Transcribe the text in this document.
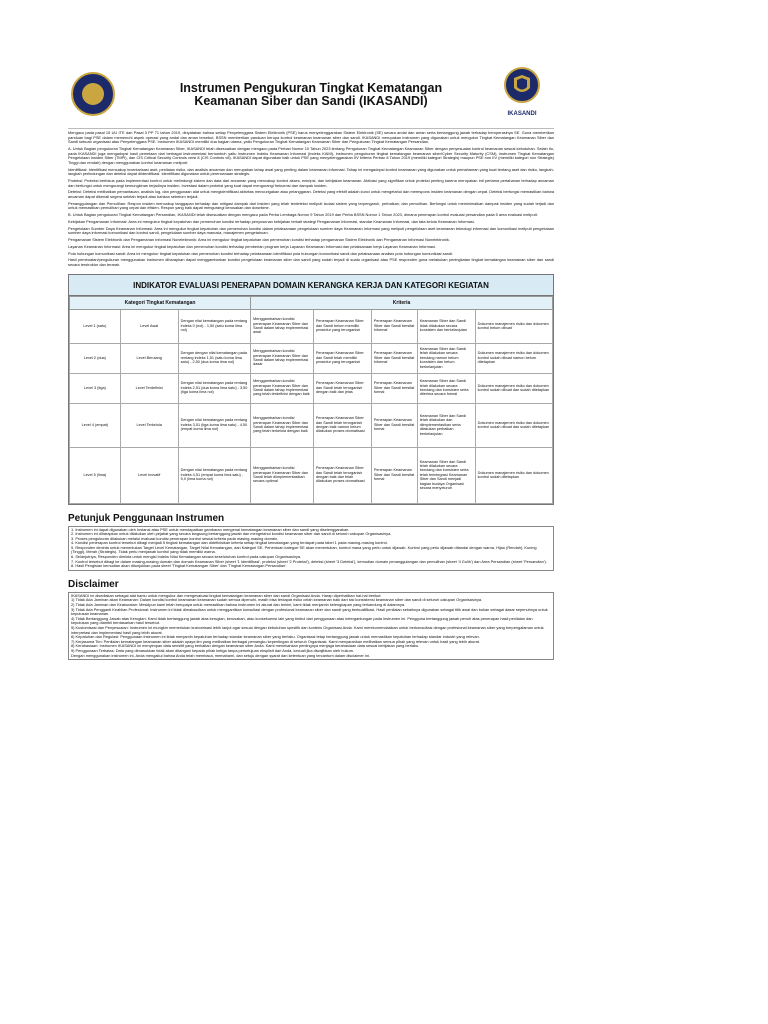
Instrumen Pengukuran Tingkat Kematangan
Keamanan Siber dan Sandi (IKASANDI)
IKASANDI

Mengacu pada pasal 15 UU ITE dan Pasal 3 PP 71 tahun 2019, dinyatakan bahwa setiap Penyelenggara Sistem Elektronik (PSE) harus menyelenggarakan Sistem Elektronik (SE) secara andal dan aman serta bertanggung jawab terhadap beroperasinya SE. Guna memberikan panduan bagi PSE dalam memenuhi aspek operasi yang andal dan aman tersebut, BSSN memberikan panduan berupa kontrol keamanan keamanan siber dan sandi. IKASANDI merupakan instrumen yang digunakan untuk mengukur Tingkat Kematangan Keamanan Siber dan Sandi sebuah organisasi atau Penyelenggara PSE. Instrumen IKASANDI memiliki dua bagian utama, yaitu Pengukuran Tingkat Kematangan Keamanan Siber dan Pengukuran Tingkat Kematangan Persandian.

A. Untuk Bagian pengukuran Tingkat Kematangan Keamanan Siber, IKASANDI telah disesuaikan dengan mengacu pada Perban Nomor 10 Tahun 2023 tentang Pengukuran Tingkat Kematangan Keamanan Siber dengan penyesuaian kontrol keamanan sesuai kebutuhan. Selain itu, pada IKASANDI juga mengadopsi hasil pemetaan dari berbagai instrumentasi bertumbuh yaitu instrumen Indeks Keamanan Informasi (Indeks KAMI), instrumen pengukuran tingkat kematangan keamanan siber/Cyber Security Maturity (CSM), instrumen Tingkat Kematangan Pengelolaan Insiden Siber (TMPI), dan CIS Critical Security Controls versi 8 (CIS Controls v8). IKASANDI dapat digunakan baik untuk PSE yang menyelenggarakan IIV kriteria Perban 8 Tahun 2019 (memiliki kategori Strategis) maupun PSE non IIV (memiliki kategori non Strategis) Tinggi dan rendah) dengan menggunakan kontrol keamanan meliputi:

Identifikasi: Identifikasi mencakup inventarisasi aset, penilaian risiko, dan analisis ancaman dan merupakan tahap awal yang penting dalam keamanan informasi. Tahap ini mengadopsi kontrol keamanan yang digunakan untuk pemahaman yang kuat tentang aset dan risiko, langkah-langkah perlindungan dan deteksi dapat diidentifikasi. Identifikasi digunakan untuk perencanaan strategis.

Proteksi: Proteksi berfokus pada implementasi kontrol untuk melindungi sistem dan data dari ancaman yang mencakup kontrol akses, enkripsi, dan kebijakan keamanan. Aktivasi yang signifikan untuk proteksi penting karena merupakan inti pertama pertahanan terhadap ancaman dan berfungsi untuk mengurangi kemungkinan terjadinya insiden. Investasi dalam proteksi yang kuat dapat mengurangi frekuensi dan dampak insiden.

Deteksi: Deteksi melibatkan pemantauan, analisis log, dan penggunaan alat untuk mengidentifikasi aktivitas mencurigakan atau pelanggaran. Deteksi yang efektif adalah kunci untuk mengetahui dan merespons insiden keamanan dengan cepat. Deteksi berfungsi memastikan bahwa ancaman dapat dikenali segera setelah terjadi atau bahkan sebelum terjadi.

Penanggulangan dan Pemulihan: Respon insiden mencakup tanggapan terhadap dan mitigasi dampak dari insiden yang telah terdeteksi meliputi isolasi sistem yang terpengaruh, perbaikan, dan pemulihan. Berfungsi untuk meminimalkan dampak insiden yang sudah terjadi dan untuk memastikan pemulihan yang cepat dan efisien. Respon yang baik dapat mengurangi kerusakan dan downtime.

B. Untuk Bagian pengukuran Tingkat Kematangan Persandian, IKASANDI telah disesuaikan dengan mengacu pada Perba Lembaga Nomor 9 Tahun 2019 dan Perba BSSN Nomor 1 Tahun 2023, dimana penerapan kontrol evaluasi persandian pada 5 area evaluasi meliputi:

Kebijakan Pengamanan Informasi: Area ini mengukur tingkat kepatuhan dan pemenuhan kondisi terhadap penyusunan kebijakan terkait strategi Pengamanan Informasi, standar Keamanan Informasi, dan tata kelola Keamanan Informasi.

Pengelolaan Sumber Daya Keamanan Informasi: Area ini mengukur tingkat kepatuhan dan pemenuhan kondisi dalam pelaksanaan pengelolaan sumber daya Keamanan Informasi yang meliputi pengelolaan aset keamanan teknologi informasi dan komunikasi meliputi pengelolaan sumber daya informasi komunikasi dan kontrol sandi, pengelolaan sumber daya manusia, manajemen pengetahuan.

Pengamanan Sistem Elektronik dan Pengamanan Informasi Nonelektronik: Area ini mengukur tingkat kepatuhan dan pemenuhan kondisi terhadap pengamanan Sistem Elektronik dan Pengamanan Informasi Nonelektronik.

Layanan Keamanan Informasi: Area ini mengukur tingkat kepatuhan dan pemenuhan kondisi terhadap pemberian program kerja Layanan Keamanan Informasi dan pelaksanaan kerja Layanan Keamanan Informasi.

Pola hubungan komunikasi sandi: Area ini mengukur tingkat kepatuhan dan pemenuhan kondisi terhadap pelaksanaan identifikasi pola hubungan komunikasi sandi dan pelaksanaan analisis pola hubungan komunikasi sandi.

Hasil pembuatan/pengukuran menggunakan instrumen diharapkan dapat menggambarkan kondisi pengelolaan keamanan siber dan sandi yang sudah terjadi di suatu organisasi atau PSE responden guna melakukan peningkatan tingkat kematangan keamanan siber dan sandi secara terstruktur dan terarah.

INDIKATOR EVALUASI PENERAPAN DOMAIN KERANGKA KERJA DAN KATEGORI KEGIATAN
Kategori Tingkat Kematangan			Kriteria				
Level 1 (satu)	Level Awal	Dengan nilai kematangan pada rentang indeks 0 (nol) - 1,50 (satu koma lima nol)	Menggambarkan kondisi penerapan Keamanan Siber dan Sandi dalam tahap implementasi awal	Penerapan Keamanan Siber dan Sandi belum memiliki prosedur yang terorganisir	Penerapan Keamanan Siber dan Sandi bersifat informal	Keamanan Siber dan Sandi tidak dilakukan secara konsisten dan berkelanjutan	Dokumen manajemen risiko dan dokumen kontrol belum dibuat
Level 2 (dua)	Level Berulang	Dengan dengan nilai kematangan pada rentang indeks 1,51 (satu koma lima satu) - 2,50 (dua koma lima nol)	Menggambarkan kondisi penerapan Keamanan Siber dan Sandi dalam tahap implementasi dasar	Penerapan Keamanan Siber dan Sandi telah memiliki prosedur yang terorganisir	Penerapan Keamanan Siber dan Sandi bersifat informal	Keamanan Siber dan Sandi telah dilakukan secara berulang namun belum konsisten dan belum berkelanjutan	Dokumen manajemen risiko dan dokumen kontrol sudah dibuat namun belum ditetapkan
Level 3 (tiga)	Level Terdefinisi	Dengan nilai kematangan pada rentang indeks 2,51 (dua koma lima satu) - 3,50 (tiga koma lima nol)	Menggambarkan kondisi penerapan Keamanan Siber dan Sandi dalam tahap implementasi yang telah terdefinisi dengan baik	Penerapan Keamanan Siber dan Sandi telah terorganisir dengan baik dan jelas	Penerapan Keamanan Siber dan Sandi bersifat formal	Keamanan Siber dan Sandi telah dilakukan secara berulang dan konsisten serta diterima secara formal	Dokumen manajemen risiko dan dokumen kontrol sudah dibuat dan sudah ditetapkan
Level 4 (empat)	Level Terkelola	Dengan nilai kematangan pada rentang indeks 3,51 (tiga koma lima satu) - 4,50 (empat koma lima nol)	Menggambarkan kondisi penerapan Keamanan Siber dan Sandi dalam tahap implementasi yang telah terkelola dengan baik	Penerapan Keamanan Siber dan Sandi telah terorganisir dengan baik namun belum dilakukan proses otomatisasi	Penerapan Keamanan Siber dan Sandi bersifat formal	Keamanan Siber dan Sandi telah dilakukan dan diimplementasikan serta dilakukan perbaikan berkelanjutan	Dokumen manajemen risiko dan dokumen kontrol sudah dibuat dan sudah ditetapkan
Level 5 (lima)	Level Inovatif	Dengan nilai kematangan pada rentang indeks 4,51 (empat koma lima satu) - 5,0 (lima koma nol)	Menggambarkan kondisi penerapan Keamanan Siber dan Sandi telah diimplementasikan secara optimal	Penerapan Keamanan Siber dan Sandi telah terorganisir dengan baik dan telah dilakukan proses otomatisasi	Penerapan Keamanan Siber dan Sandi bersifat formal	Keamanan Siber dan Sandi telah dilakukan secara berulang dan konsisten serta telah terintegrasi Keamanan Siber dan Sandi menjadi bagian budaya Organisasi secara menyeluruh	Dokumen manajemen risiko dan dokumen kontrol sudah ditetapkan
Petunjuk Penggunaan Instrumen
1. Instrumen ini dapat digunakan oleh Instansi atau PSE untuk mendapatkan gambaran mengenai kematangan keamanan siber dan sandi yang diselenggarakan.
2. Instrumen ini diharapkan untuk dilakukan oleh pejabat yang secara langsung bertanggung jawab dan mengetahui kondisi keamanan siber dan sandi di seluruh cakupan Organisasinya.
3. Proses pengukuran dilakukan melalui evaluasi kondisi penerapan kontrol sesuai kriteria pada masing-masing domain.
4. Kondisi penerapan kontrol tersebut dibagi menjadi 5 tingkat kematangan dan didefinisikan kriteria setiap tingkat kematangan yang terdapat pada tabel 1 pada masing-masing kontrol.
5. Responden diminta untuk menentukan Target Level Kematangan, Target Nilai Kematangan, dan Kategori SE. Penentuan kategori SE akan menentukan, kontrol mana yang perlu untuk dijawab. Kontrol yang perlu dijawab ditandai dengan warna, Hijau (Rendah), Kuning (Tinggi), Merah (Strategis). Tidak perlu menjawab kontrol yang tidak memiliki warna.
6. Selanjutnya, Responden diminta untuk mengisi Indeks Nilai Kematangan secara keseluruhan kontrol pada cakupan Organisasinya.
7. Kontrol tersebut dibagi ke dalam masing-masing domain dan domain Keamanan Siber (sheet '1 Identifikasi', proteksi (sheet '2 Proteksi'), deteksi (sheet '3 Deteksi'), kemudian domain penanggulangan dan pemulihan (sheet '4 Gulih') dan Area Persandian (sheet 'Persandian').
8. Hasil Pengisian kemudian akan ditunjukkan pada sheet 'Tingkat Kematangan Siber' dan 'Tingkat Kematangan Persandian'.
Disclaimer
IKASANDI ini disediakan sebagai alat bantu untuk mengukur dan mengevaluasi tingkat kematangan keamanan siber dan sandi Organisasi Anda. Harap diperhatikan hal-hal berikut:
1) Tidak Ada Jaminan akan Keamanan: Dalam kondisi kontrol keamanan keamanan sudah semua dipenuhi, masih bisa terdapat risiko celah keamanan baik dari sisi konsistensi keamanan siber dan sandi di seluruh cakupan Organisasinya.
2) Tidak Ada Jaminan dan Keakuratan: Meskipun kami telah berupaya untuk memastikan bahwa instrumen ini akurat dan terkini, kami tidak menjamin kelengkapan yang terkandung di dalamnya.
3) Tidak Ada Pengganti Keahlian Profesional: Instrumen ini tidak dimaksudkan untuk menggantikan konsultasi dengan profesional keamanan siber dan sandi yang berkualifikasi. Hasil penilaian sebaiknya digunakan sebagai titik awal dan bukan sebagai dasar sepenuhnya untuk keputusan keamanan.
4) Tidak Bertanggung Jawab atas Kerugian: Kami tidak bertanggung jawab atas kerugian, kerusakan, atau konsekuensi lain yang timbul dari penggunaan atau ketergantungan pada instrumen ini. Pengguna bertanggung jawab penuh atas penerapan hasil penilaian dan keputusan yang diambil berdasarkan hasil tersebut.
5) Kustomisasi dan Penyesuaian: Instrumen ini mungkin memerlukan kustomisasi lebih lanjut agar sesuai dengan kebutuhan spesifik dan konteks Organisasi Anda. Kami merekomendasikan untuk berkonsultasi dengan profesional keamanan siber yang berpengalaman untuk interpretasi dan implementasi hasil yang lebih akurat.
6) Kepatuhan dan Regulasi: Penggunaan instrumen ini tidak menjamin kepatuhan terhadap standar keamanan siber yang berlaku. Organisasi tetap bertanggung jawab untuk memastikan kepatuhan terhadap standar industri yang relevan.
7) Kerjasama Tim: Penilaian kematangan keamanan siber adalah upaya tim yang melibatkan berbagai pemangku kepentingan di seluruh Organisasi. Kami menyarankan melibatkan semua pihak yang relevan untuk hasil yang lebih akurat.
8) Kerahasiaan: Instrumen IKASANDI ini menyimpan data sensitif yang berkaitan dengan keamanan siber Anda. Kami menekankan pentingnya menjaga kerahasiaan data sesuai kebijakan yang berlaku.
9) Penggunaan Terbatas: Data yang dimasukkan tidak akan ditangani kepada pihak ketiga tanpa persetujuan eksplisit dari Anda, kecuali jika diwajibkan oleh hukum.
Dengan menggunakan instrumen ini, Anda mengakui bahwa Anda telah membaca, memahami, dan setuju dengan syarat dan ketentuan yang tercantum dalam disclaimer ini.
